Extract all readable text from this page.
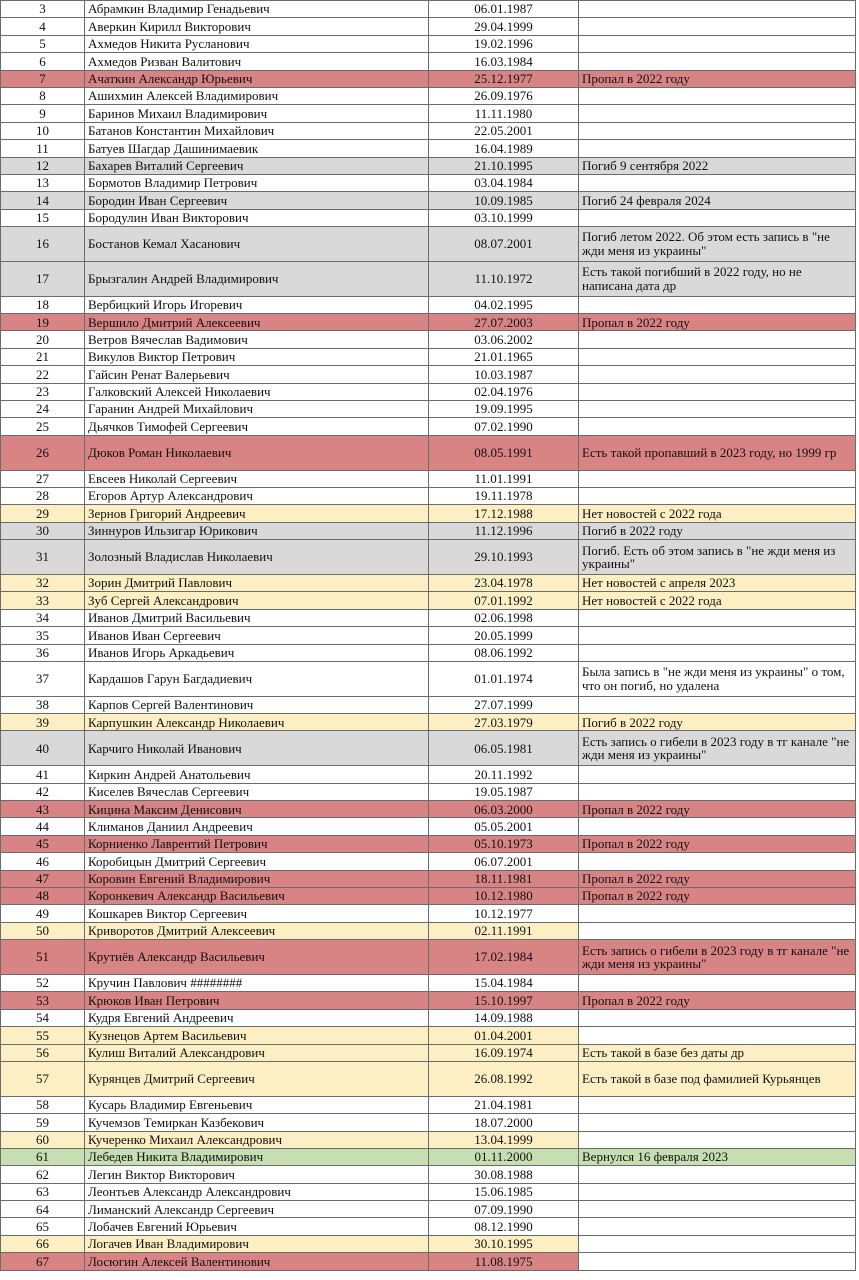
3	Абрамкин Владимир Генадьевич	06.01.1987	
4	Аверкин Кирилл Викторович	29.04.1999	
5	Ахмедов Никита Русланович	19.02.1996	
6	Ахмедов Ризван Валитович	16.03.1984	
7	Ачаткин Александр Юрьевич	25.12.1977	Пропал в 2022 году
8	Ашихмин Алексей Владимирович	26.09.1976	
9	Баринов Михаил Владимирович	11.11.1980	
10	Батанов Константин Михайлович	22.05.2001	
11	Батуев Шагдар Дашинимаевик	16.04.1989	
12	Бахарев Виталий Сергеевич	21.10.1995	Погиб 9 сентября 2022
13	Бормотов Владимир Петрович	03.04.1984	
14	Бородин Иван Сергеевич	10.09.1985	Погиб 24 февраля 2024
15	Бородулин Иван Викторович	03.10.1999	
16	Бостанов Кемал Хасанович	08.07.2001	Погиб летом 2022. Об этом есть запись в "не жди меня из украины"
17	Брызгалин Андрей Владимирович	11.10.1972	Есть такой погибший в 2022 году, но не написана дата др
18	Вербицкий Игорь Игоревич	04.02.1995	
19	Вершило Дмитрий Алексеевич	27.07.2003	Пропал в 2022 году
20	Ветров Вячеслав Вадимович	03.06.2002	
21	Викулов Виктор Петрович	21.01.1965	
22	Гайсин Ренат Валерьевич	10.03.1987	
23	Галковский Алексей Николаевич	02.04.1976	
24	Гаранин Андрей Михайлович	19.09.1995	
25	Дьячков Тимофей Сергеевич	07.02.1990	
26	Дюков Роман Николаевич	08.05.1991	Есть такой пропавший в 2023 году, но 1999 гр
27	Евсеев Николай Сергеевич	11.01.1991	
28	Егоров Артур Александрович	19.11.1978	
29	Зернов Григорий Андреевич	17.12.1988	Нет новостей с 2022 года
30	Зиннуров Ильзигар Юрикович	11.12.1996	Погиб в 2022 году
31	Золозный Владислав Николаевич	29.10.1993	Погиб. Есть об этом запись в "не жди меня из украины"
32	Зорин Дмитрий Павлович	23.04.1978	Нет новостей с апреля 2023
33	Зуб Сергей Александрович	07.01.1992	Нет новостей с 2022 года
34	Иванов Дмитрий Васильевич	02.06.1998	
35	Иванов Иван Сергеевич	20.05.1999	
36	Иванов Игорь Аркадьевич	08.06.1992	
37	Кардашов Гарун Багдадиевич	01.01.1974	Была запись в "не жди меня из украины" о том, что он погиб, но удалена
38	Карпов Сергей Валентинович	27.07.1999	
39	Карпушкин Александр Николаевич	27.03.1979	Погиб в 2022 году
40	Карчиго Николай Иванович	06.05.1981	Есть запись о гибели в 2023 году в тг канале "не жди меня из украины"
41	Киркин Андрей Анатольевич	20.11.1992	
42	Киселев Вячеслав Сергеевич	19.05.1987	
43	Кицина Максим Денисович	06.03.2000	Пропал в 2022 году
44	Климанов Даниил Андреевич	05.05.2001	
45	Корниенко Лаврентий Петрович	05.10.1973	Пропал в 2022 году
46	Коробицын Дмитрий Сергеевич	06.07.2001	
47	Коровин Евгений Владимирович	18.11.1981	Пропал в 2022 году
48	Коронкевич Александр Васильевич	10.12.1980	Пропал в 2022 году
49	Кошкарев Виктор Сергеевич	10.12.1977	
50	Криворотов Дмитрий Алексеевич	02.11.1991	
51	Крутиёв Александр Васильевич	17.02.1984	Есть запись о гибели в 2023 году в тг канале "не жди меня из украины"
52	Кручин Павлович ########	15.04.1984	
53	Крюков Иван Петрович	15.10.1997	Пропал в 2022 году
54	Кудря Евгений Андреевич	14.09.1988	
55	Кузнецов Артем Васильевич	01.04.2001	
56	Кулиш Виталий Александрович	16.09.1974	Есть такой в базе без даты др
57	Курянцев Дмитрий Сергеевич	26.08.1992	Есть такой в базе под фамилией Курьянцев
58	Кусарь Владимир Евгеньевич	21.04.1981	
59	Кучемзов Темиркан Казбекович	18.07.2000	
60	Кучеренко Михаил Александрович	13.04.1999	
61	Лебедев Никита Владимирович	01.11.2000	Вернулся 16 февраля 2023
62	Легин Виктор Викторович	30.08.1988	
63	Леонтьев Александр Александрович	15.06.1985	
64	Лиманский Александр Сергеевич	07.09.1990	
65	Лобачев Евгений Юрьевич	08.12.1990	
66	Логачев Иван Владимирович	30.10.1995	
67	Лосюгин Алексей Валентинович	11.08.1975	
